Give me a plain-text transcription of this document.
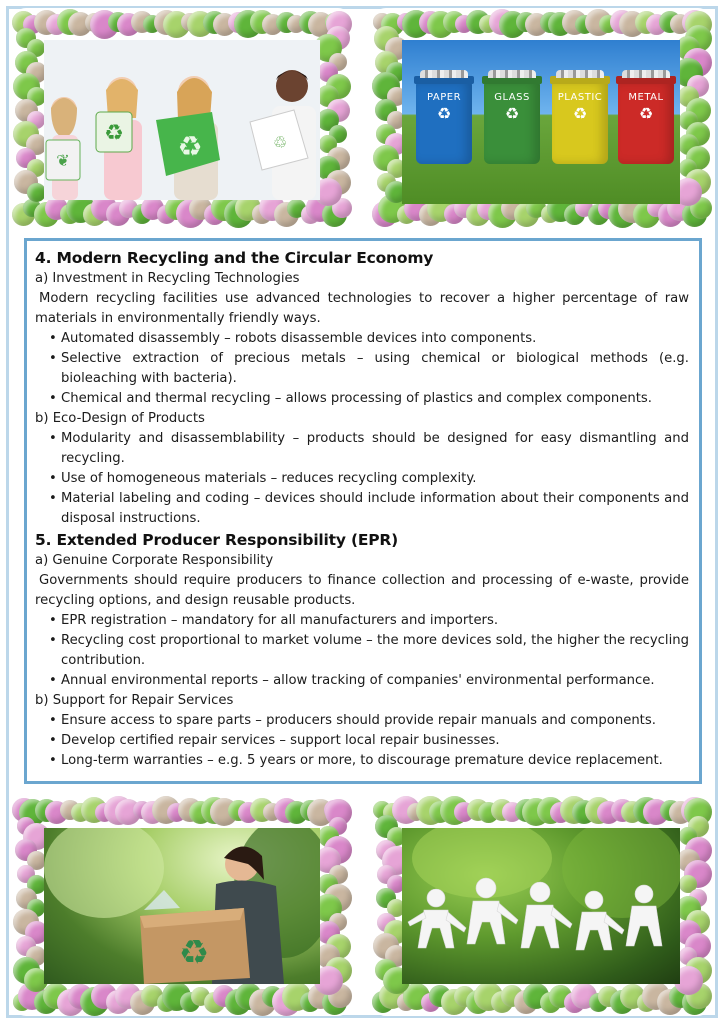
♻ ♻
❦
♲
PAPER
♻
GLASS
♻
PLASTIC
♻
METAL
♻
4. Modern Recycling and the Circular Economy
a) Investment in Recycling Technologies
Modern recycling facilities use advanced technologies to recover a higher percentage of raw materials in environmentally friendly ways.
• Automated disassembly – robots disassemble devices into components.
• Selective extraction of precious metals – using chemical or biological methods (e.g. bioleaching with bacteria).
• Chemical and thermal recycling – allows processing of plastics and complex components.
b) Eco-Design of Products
• Modularity and disassemblability – products should be designed for easy dismantling and recycling.
• Use of homogeneous materials – reduces recycling complexity.
• Material labeling and coding – devices should include information about their components and disposal instructions.
5. Extended Producer Responsibility (EPR)
a) Genuine Corporate Responsibility
Governments should require producers to finance collection and processing of e-waste, provide recycling options, and design reusable products.
• EPR registration – mandatory for all manufacturers and importers.
• Recycling cost proportional to market volume – the more devices sold, the higher the recycling contribution.
• Annual environmental reports – allow tracking of companies' environmental performance.
b) Support for Repair Services
• Ensure access to spare parts – producers should provide repair manuals and components.
• Develop certified repair services – support local repair businesses.
• Long-term warranties – e.g. 5 years or more, to discourage premature device replacement.
♻
